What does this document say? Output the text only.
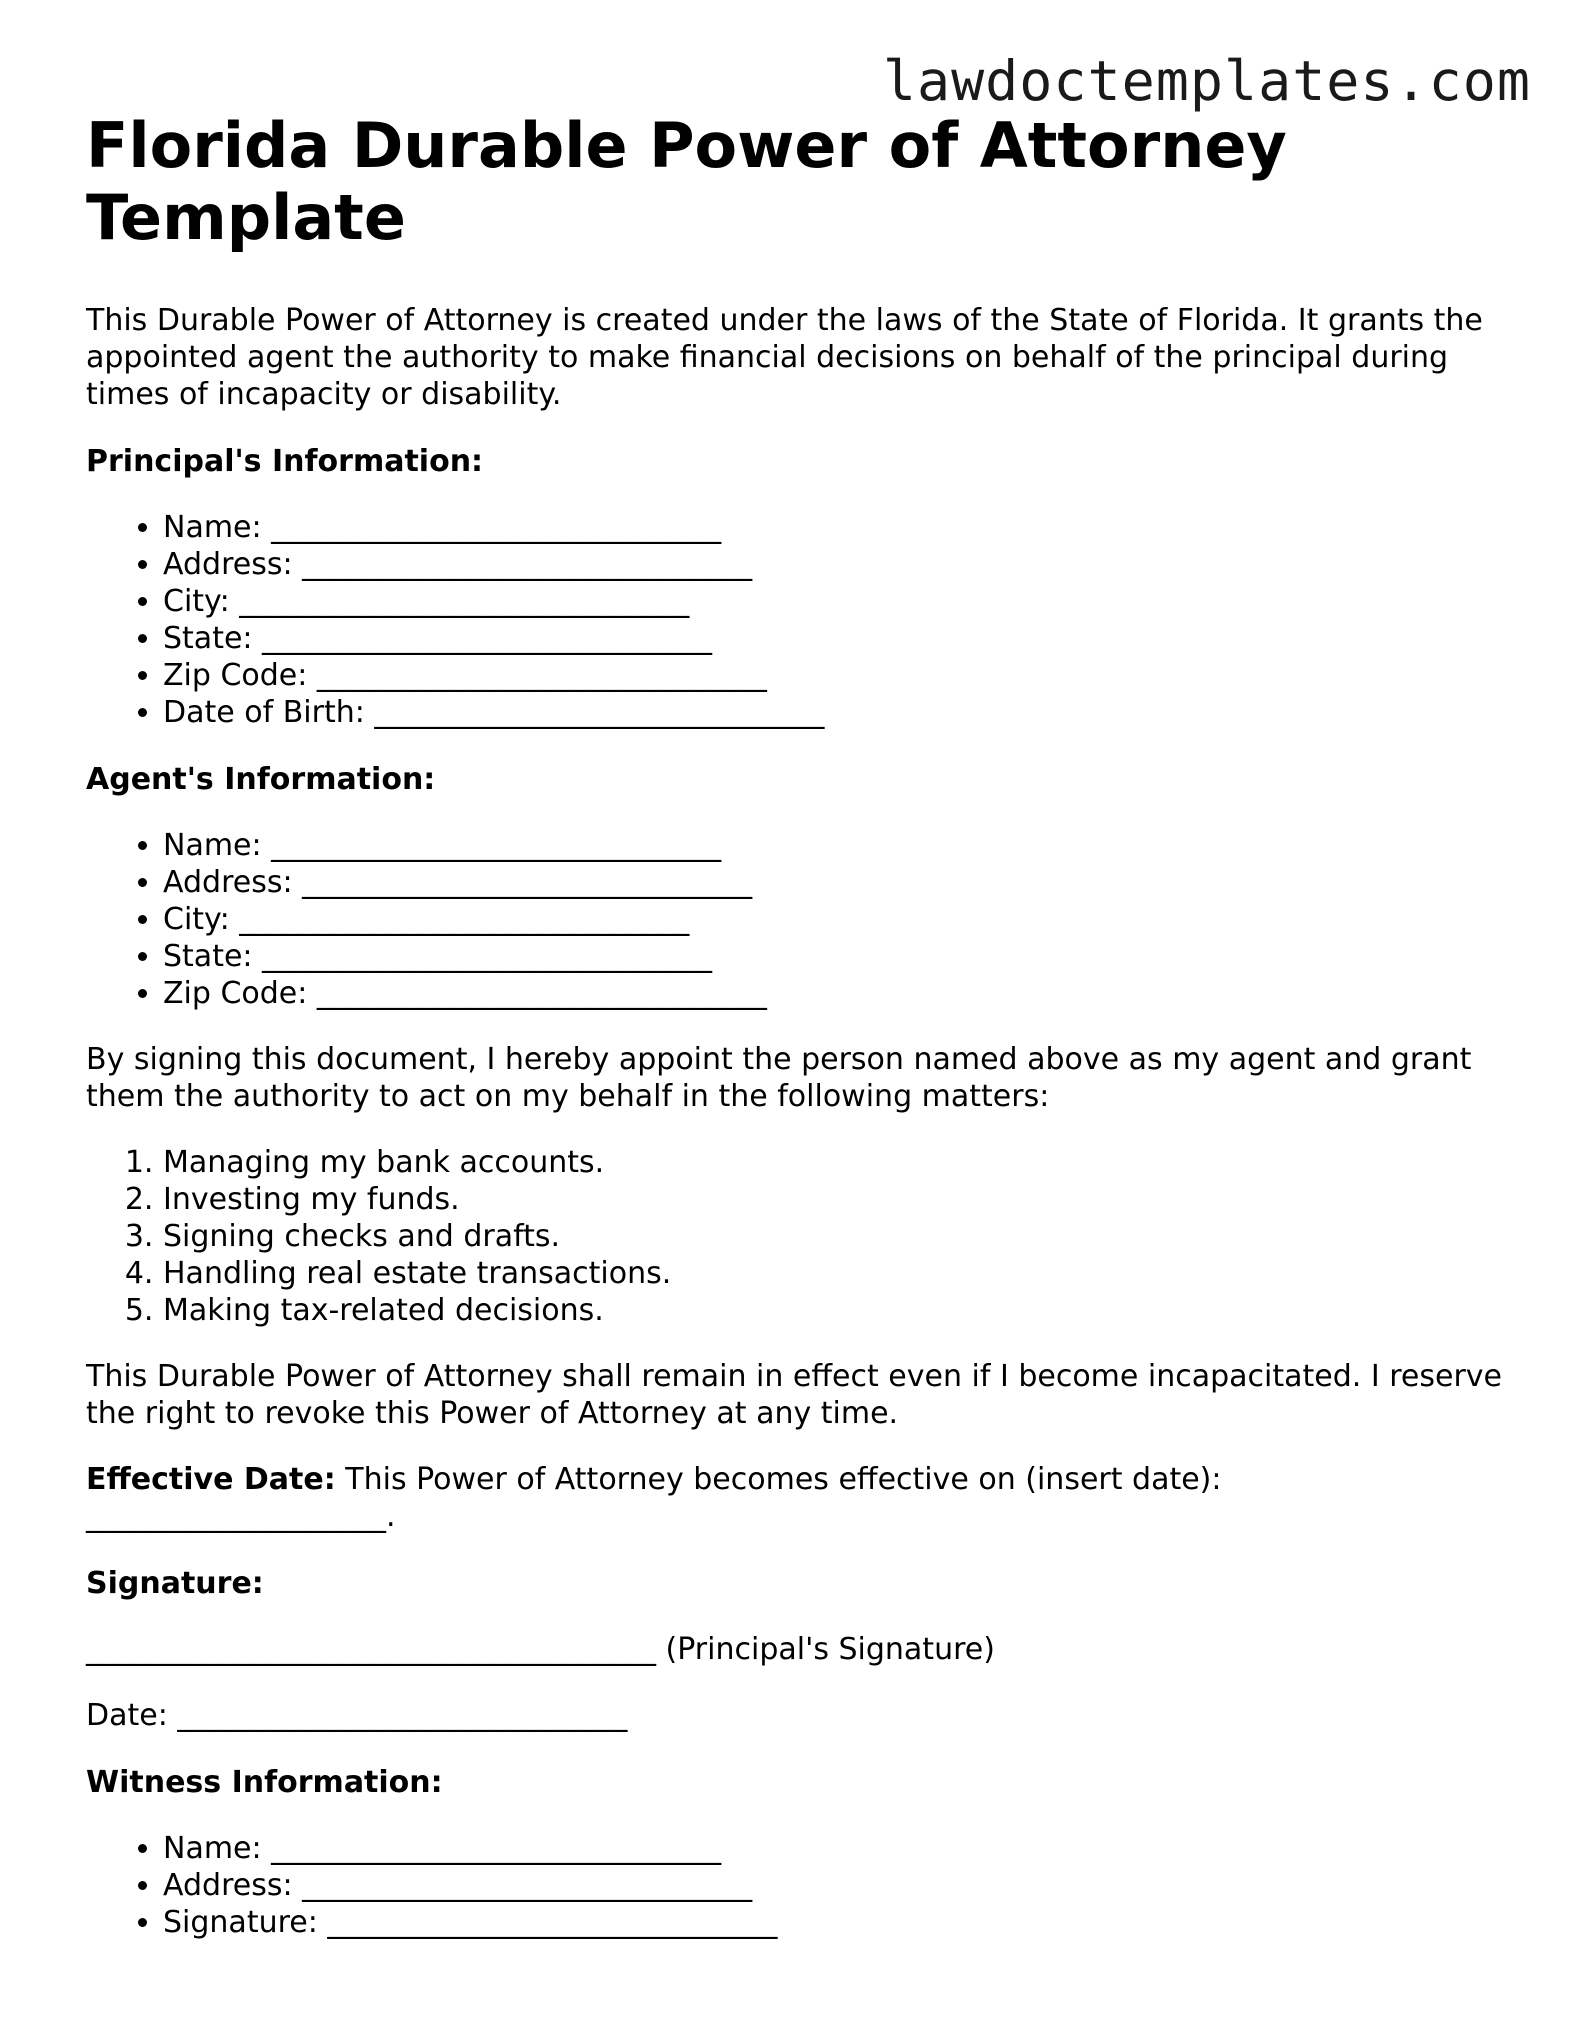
lawdoctemplates.com
Florida Durable Power of Attorney Template

This Durable Power of Attorney is created under the laws of the State of Florida. It grants the appointed agent the authority to make financial decisions on behalf of the principal during times of incapacity or disability.

Principal's Information:

• Name: ______________________________
• Address: ______________________________
• City: ______________________________
• State: ______________________________
• Zip Code: ______________________________
• Date of Birth: ______________________________

Agent's Information:

• Name: ______________________________
• Address: ______________________________
• City: ______________________________
• State: ______________________________
• Zip Code: ______________________________

By signing this document, I hereby appoint the person named above as my agent and grant them the authority to act on my behalf in the following matters:

1. Managing my bank accounts.
2. Investing my funds.
3. Signing checks and drafts.
4. Handling real estate transactions.
5. Making tax-related decisions.

This Durable Power of Attorney shall remain in effect even if I become incapacitated. I reserve the right to revoke this Power of Attorney at any time.

Effective Date: This Power of Attorney becomes effective on (insert date): ____________________.

Signature:

______________________________________ (Principal's Signature)

Date: ______________________________

Witness Information:

• Name: ______________________________
• Address: ______________________________
• Signature: ______________________________
